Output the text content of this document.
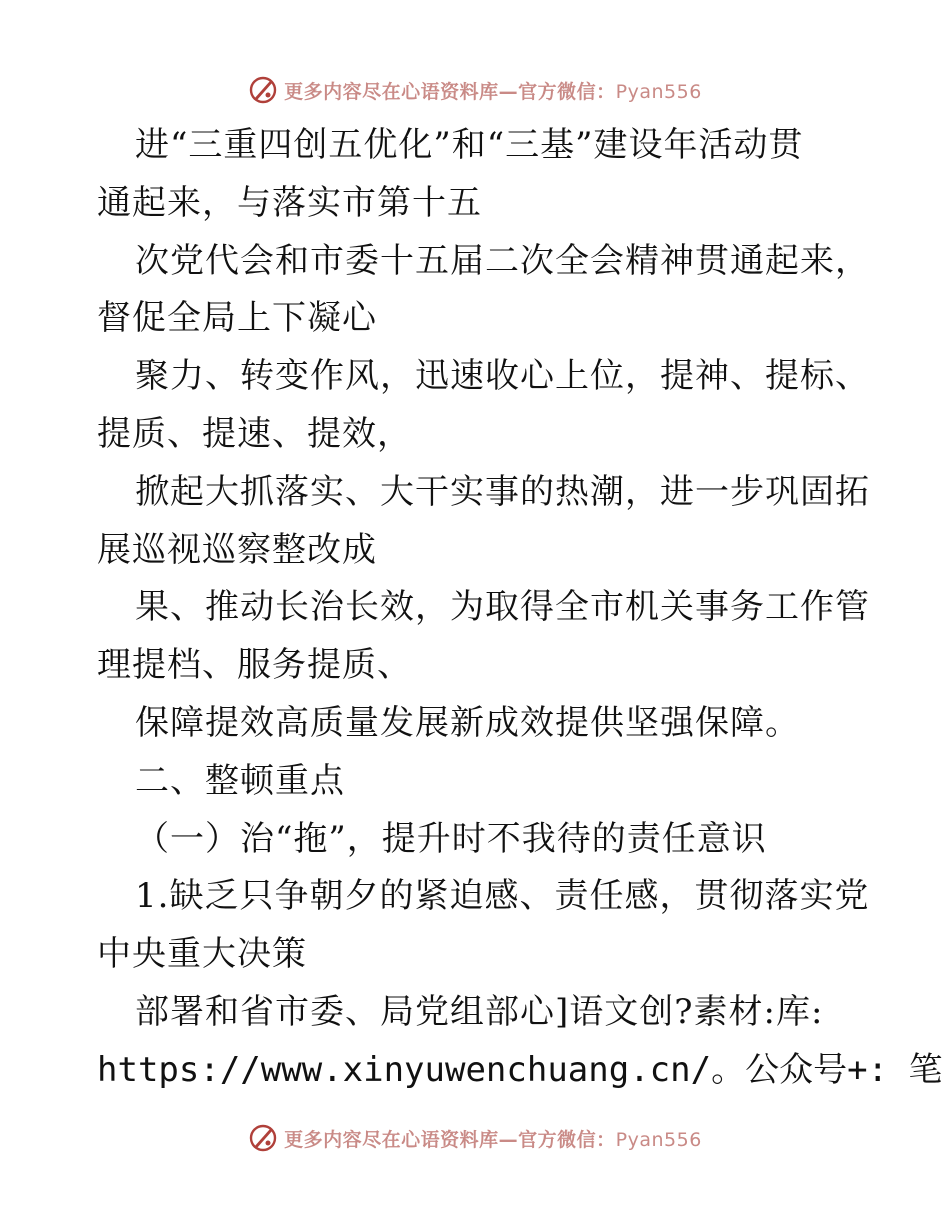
更多内容尽在心语资料库—官方微信：Pyan556
进“三重四创五优化”和“三基”建设年活动贯
通起来，与落实市第十五
次党代会和市委十五届二次全会精神贯通起来，
督促全局上下凝心
聚力、转变作风，迅速收心上位，提神、提标、
提质、提速、提效，
掀起大抓落实、大干实事的热潮，进一步巩固拓
展巡视巡察整改成
果、推动长治长效，为取得全市机关事务工作管
理提档、服务提质、
保障提效高质量发展新成效提供坚强保障。
二、整顿重点
（一）治“拖”，提升时不我待的责任意识
1.缺乏只争朝夕的紧迫感、责任感，贯彻落实党
中央重大决策
部署和省市委、局党组部心]语文创?素材:库:
https://www.xinyuwenchuang.cn/。公众号+: 笔
更多内容尽在心语资料库—官方微信：Pyan556
